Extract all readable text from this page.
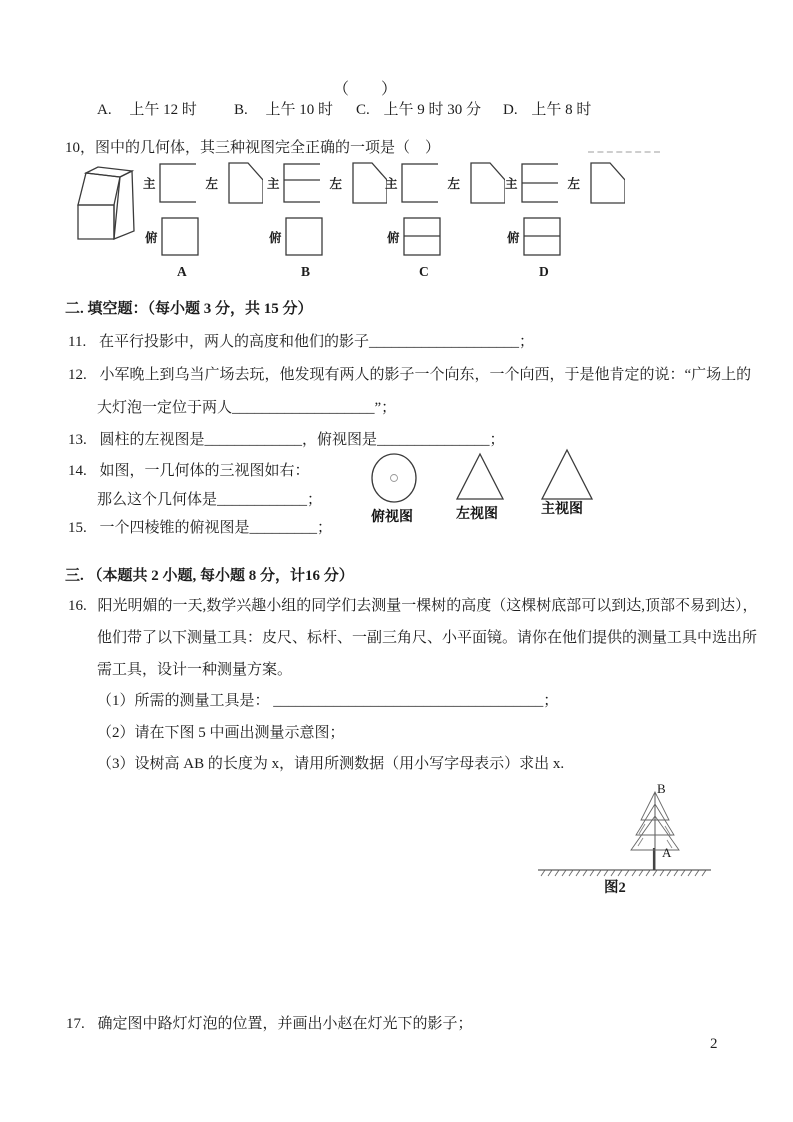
（　　）
A. 上午 12 时 B. 上午 10 时 C. 上午 9 时 30 分 D. 上午 8 时
10，图中的几何体，其三种视图完全正确的一项是（　）
主	左
俯
A
主	左
俯
B
主	左
俯
C
主	左
俯
D
二. 填空题：（每小题 3 分，共 15 分）
11. 在平行投影中，两人的高度和他们的影子____________________；
12. 小军晚上到乌当广场去玩，他发现有两人的影子一个向东，一个向西，于是他肯定的说：“广场上的
大灯泡一定位于两人___________________”；
13. 圆柱的左视图是_____________，俯视图是_______________；
14. 如图，一几何体的三视图如右：
那么这个几何体是____________；
俯视图	左视图	主视图
15. 一个四棱锥的俯视图是_________；
三. （本题共 2 小题, 每小题 8 分，计16 分）
16. 阳光明媚的一天,数学兴趣小组的同学们去测量一棵树的高度（这棵树底部可以到达,顶部不易到达），
他们带了以下测量工具：皮尺、标杆、一副三角尺、小平面镜。请你在他们提供的测量工具中选出所
需工具，设计一种测量方案。
（1）所需的测量工具是： ____________________________________；
（2）请在下图 5 中画出测量示意图；
（3）设树高 AB 的长度为 x，请用所测数据（用小写字母表示）求出 x.
B
A
图2
17. 确定图中路灯灯泡的位置，并画出小赵在灯光下的影子；
2
